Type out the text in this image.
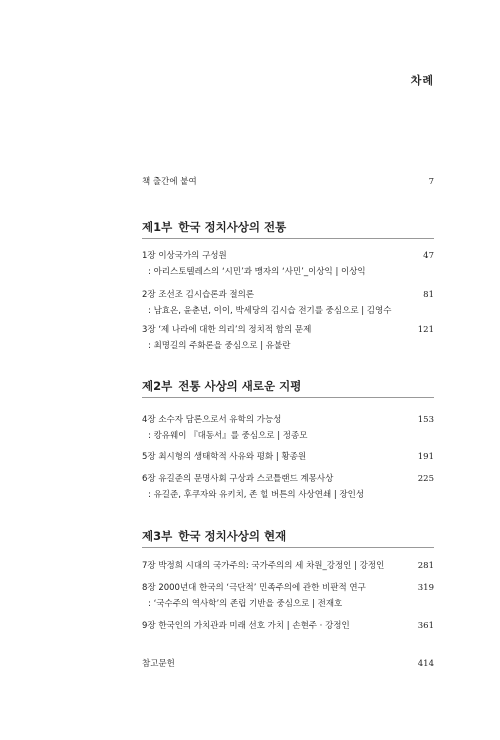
차례
책 출간에 붙여	7
제1부 한국 정치사상의 전통
1장 이상국가의 구성원	47
: 아리스토텔레스의 ‘시민’과 맹자의 ‘사민’_이상익 | 이상익
2장 조선조 김시습론과 절의론	81
: 남효온, 윤춘년, 이이, 박세당의 김시습 전기를 중심으로 | 김영수
3장 ‘제 나라에 대한 의리’의 정치적 함의 문제	121
: 최명길의 주화론을 중심으로 | 유불란
제2부 전통 사상의 새로운 지평
4장 소수자 담론으로서 유학의 가능성	153
: 캉유웨이 『대동서』를 중심으로 | 정종모
5장 최시형의 생태학적 사유와 평화 | 황종원	191
6장 유길준의 문명사회 구상과 스코틀랜드 계몽사상	225
: 유길준, 후쿠자와 유키치, 존 힐 버튼의 사상연쇄 | 장인성
제3부 한국 정치사상의 현재
7장 박정희 시대의 국가주의: 국가주의의 세 차원_강정인 | 강정인	281
8장 2000년대 한국의 ‘극단적’ 민족주의에 관한 비판적 연구	319
: ‘국수주의 역사학’의 존립 기반을 중심으로 | 전재호
9장 한국인의 가치관과 미래 선호 가치 | 손현주 · 강정인	361
참고문헌	414
